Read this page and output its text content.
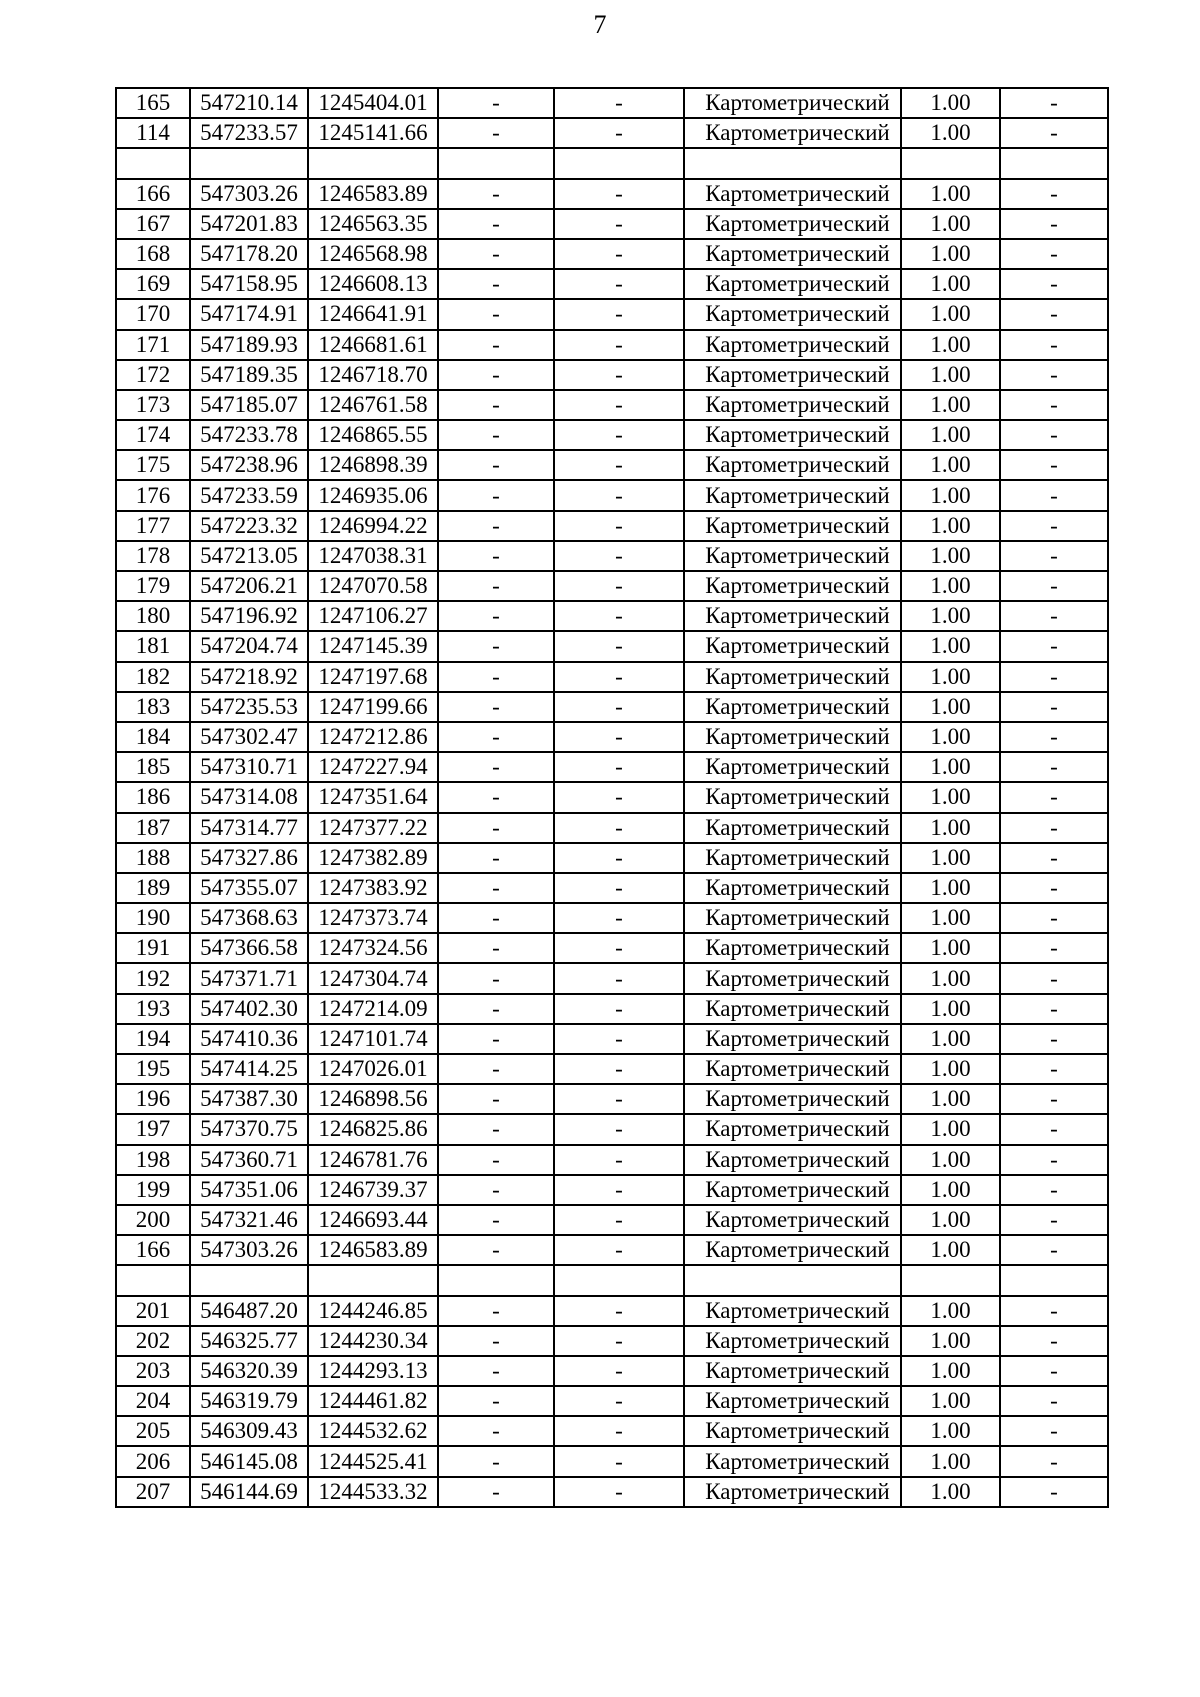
7
165	547210.14	1245404.01	-	-	Картометрический	1.00	-
114	547233.57	1245141.66	-	-	Картометрический	1.00	-

166	547303.26	1246583.89	-	-	Картометрический	1.00	-
167	547201.83	1246563.35	-	-	Картометрический	1.00	-
168	547178.20	1246568.98	-	-	Картометрический	1.00	-
169	547158.95	1246608.13	-	-	Картометрический	1.00	-
170	547174.91	1246641.91	-	-	Картометрический	1.00	-
171	547189.93	1246681.61	-	-	Картометрический	1.00	-
172	547189.35	1246718.70	-	-	Картометрический	1.00	-
173	547185.07	1246761.58	-	-	Картометрический	1.00	-
174	547233.78	1246865.55	-	-	Картометрический	1.00	-
175	547238.96	1246898.39	-	-	Картометрический	1.00	-
176	547233.59	1246935.06	-	-	Картометрический	1.00	-
177	547223.32	1246994.22	-	-	Картометрический	1.00	-
178	547213.05	1247038.31	-	-	Картометрический	1.00	-
179	547206.21	1247070.58	-	-	Картометрический	1.00	-
180	547196.92	1247106.27	-	-	Картометрический	1.00	-
181	547204.74	1247145.39	-	-	Картометрический	1.00	-
182	547218.92	1247197.68	-	-	Картометрический	1.00	-
183	547235.53	1247199.66	-	-	Картометрический	1.00	-
184	547302.47	1247212.86	-	-	Картометрический	1.00	-
185	547310.71	1247227.94	-	-	Картометрический	1.00	-
186	547314.08	1247351.64	-	-	Картометрический	1.00	-
187	547314.77	1247377.22	-	-	Картометрический	1.00	-
188	547327.86	1247382.89	-	-	Картометрический	1.00	-
189	547355.07	1247383.92	-	-	Картометрический	1.00	-
190	547368.63	1247373.74	-	-	Картометрический	1.00	-
191	547366.58	1247324.56	-	-	Картометрический	1.00	-
192	547371.71	1247304.74	-	-	Картометрический	1.00	-
193	547402.30	1247214.09	-	-	Картометрический	1.00	-
194	547410.36	1247101.74	-	-	Картометрический	1.00	-
195	547414.25	1247026.01	-	-	Картометрический	1.00	-
196	547387.30	1246898.56	-	-	Картометрический	1.00	-
197	547370.75	1246825.86	-	-	Картометрический	1.00	-
198	547360.71	1246781.76	-	-	Картометрический	1.00	-
199	547351.06	1246739.37	-	-	Картометрический	1.00	-
200	547321.46	1246693.44	-	-	Картометрический	1.00	-
166	547303.26	1246583.89	-	-	Картометрический	1.00	-

201	546487.20	1244246.85	-	-	Картометрический	1.00	-
202	546325.77	1244230.34	-	-	Картометрический	1.00	-
203	546320.39	1244293.13	-	-	Картометрический	1.00	-
204	546319.79	1244461.82	-	-	Картометрический	1.00	-
205	546309.43	1244532.62	-	-	Картометрический	1.00	-
206	546145.08	1244525.41	-	-	Картометрический	1.00	-
207	546144.69	1244533.32	-	-	Картометрический	1.00	-
